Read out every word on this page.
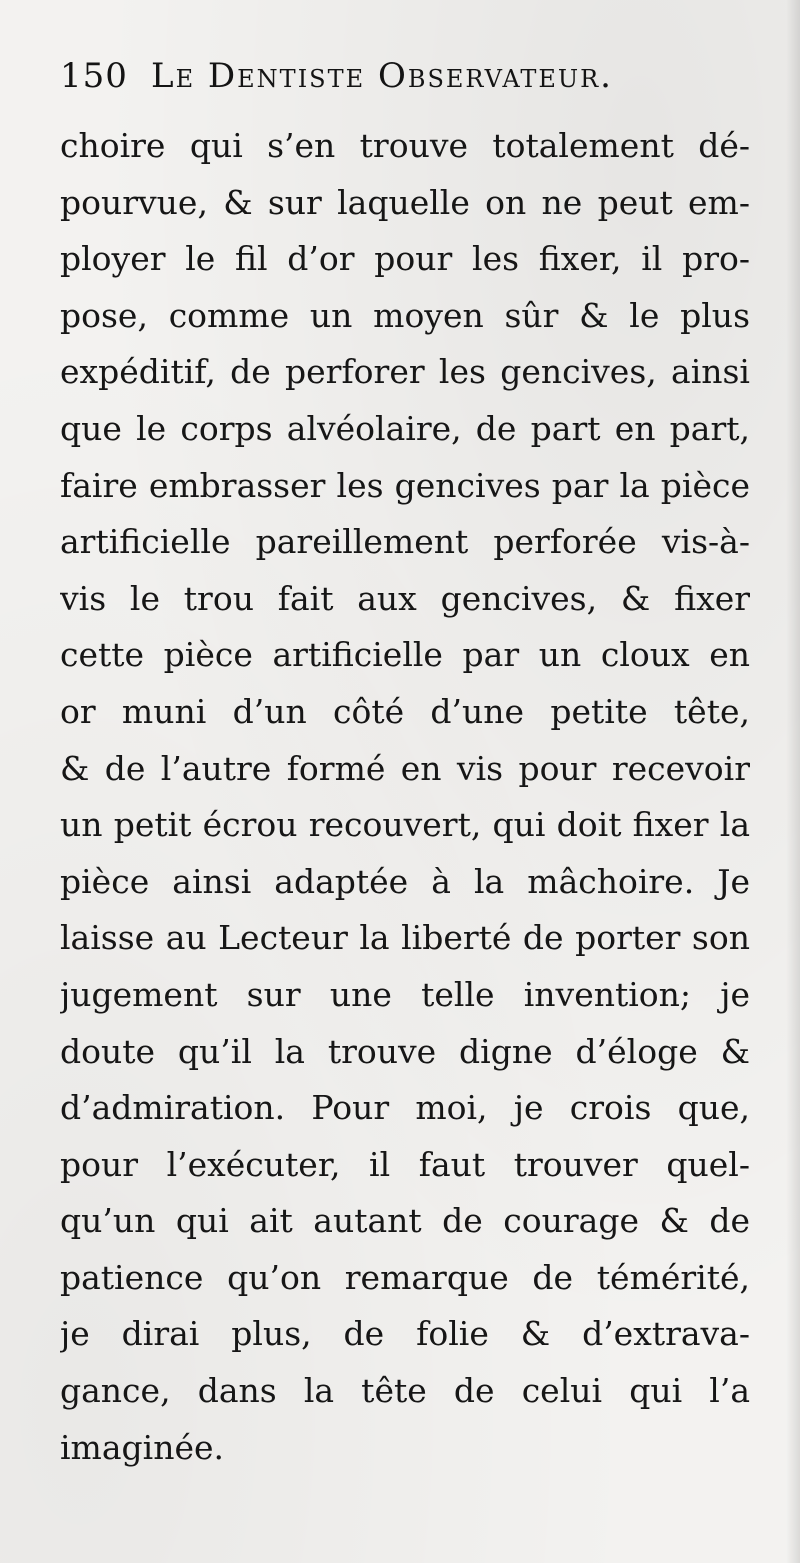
150 Le Dentiste Observateur.
choire qui s’en trouve totalement dé-
pourvue, & sur laquelle on ne peut em-
ployer le fil d’or pour les fixer, il pro-
pose, comme un moyen sûr & le plus
expéditif, de perforer les gencives, ainsi
que le corps alvéolaire, de part en part,
faire embrasser les gencives par la pièce
artificielle pareillement perforée vis-à-
vis le trou fait aux gencives, & fixer
cette pièce artificielle par un cloux en
or muni d’un côté d’une petite tête,
& de l’autre formé en vis pour recevoir
un petit écrou recouvert, qui doit fixer la
pièce ainsi adaptée à la mâchoire. Je
laisse au Lecteur la liberté de porter son
jugement sur une telle invention; je
doute qu’il la trouve digne d’éloge &
d’admiration. Pour moi, je crois que,
pour l’exécuter, il faut trouver quel-
qu’un qui ait autant de courage & de
patience qu’on remarque de témérité,
je dirai plus, de folie & d’extrava-
gance, dans la tête de celui qui l’a
imaginée.
